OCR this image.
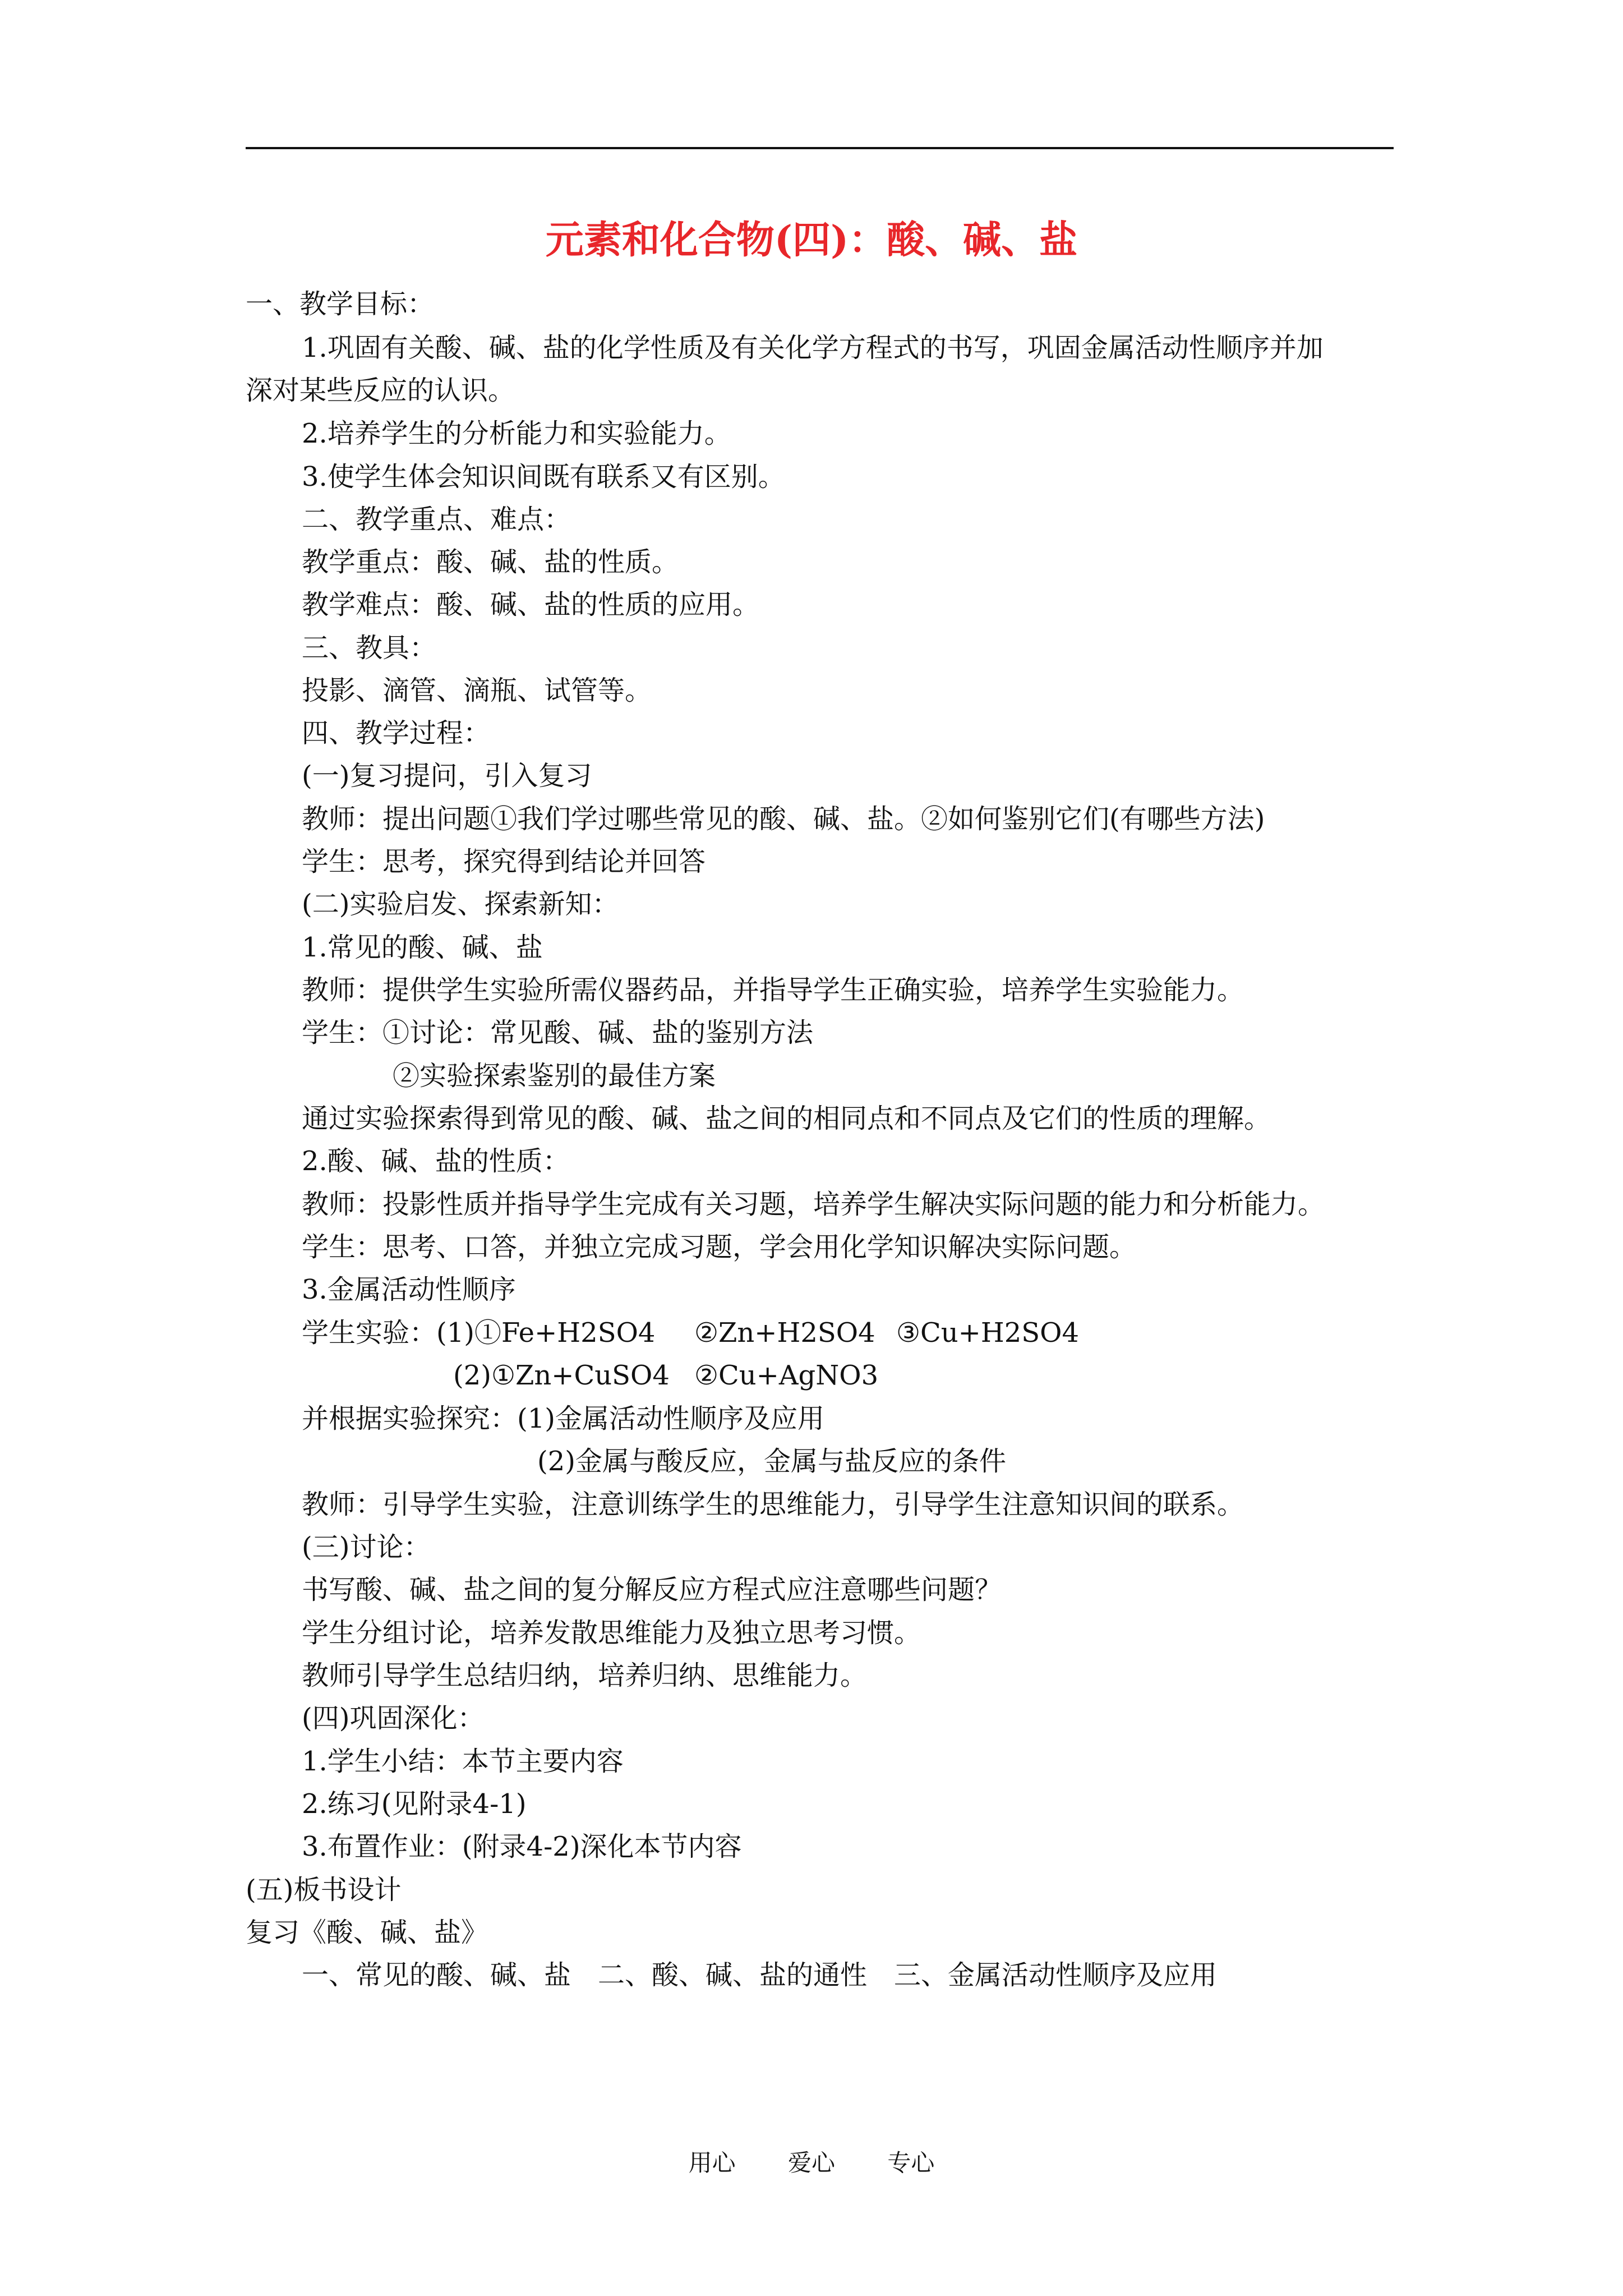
元素和化合物(四)：酸、碱、盐
一、教学目标：
1.巩固有关酸、碱、盐的化学性质及有关化学方程式的书写，巩固金属活动性顺序并加
深对某些反应的认识。
2.培养学生的分析能力和实验能力。
3.使学生体会知识间既有联系又有区别。
二、教学重点、难点：
教学重点：酸、碱、盐的性质。
教学难点：酸、碱、盐的性质的应用。
三、教具：
投影、滴管、滴瓶、试管等。
四、教学过程：
(一)复习提问，引入复习
教师：提出问题①我们学过哪些常见的酸、碱、盐。②如何鉴别它们(有哪些方法)
学生：思考，探究得到结论并回答
(二)实验启发、探索新知：
1.常见的酸、碱、盐
教师：提供学生实验所需仪器药品，并指导学生正确实验，培养学生实验能力。
学生：①讨论：常见酸、碱、盐的鉴别方法
②实验探索鉴别的最佳方案
通过实验探索得到常见的酸、碱、盐之间的相同点和不同点及它们的性质的理解。
2.酸、碱、盐的性质：
教师：投影性质并指导学生完成有关习题，培养学生解决实际问题的能力和分析能力。
学生：思考、口答，并独立完成习题，学会用化学知识解决实际问题。
3.金属活动性顺序
学生实验：(1)①Fe+H2SO4 ②Zn+H2SO4 ③Cu+H2SO4
(2)①Zn+CuSO4 ②Cu+AgNO3
并根据实验探究：(1)金属活动性顺序及应用
(2)金属与酸反应，金属与盐反应的条件
教师：引导学生实验，注意训练学生的思维能力，引导学生注意知识间的联系。
(三)讨论：
书写酸、碱、盐之间的复分解反应方程式应注意哪些问题？
学生分组讨论，培养发散思维能力及独立思考习惯。
教师引导学生总结归纳，培养归纳、思维能力。
(四)巩固深化：
1.学生小结：本节主要内容
2.练习(见附录4-1)
3.布置作业：(附录4-2)深化本节内容
(五)板书设计
复习《酸、碱、盐》
一、常见的酸、碱、盐　二、酸、碱、盐的通性　三、金属活动性顺序及应用
用心 爱心 专心
